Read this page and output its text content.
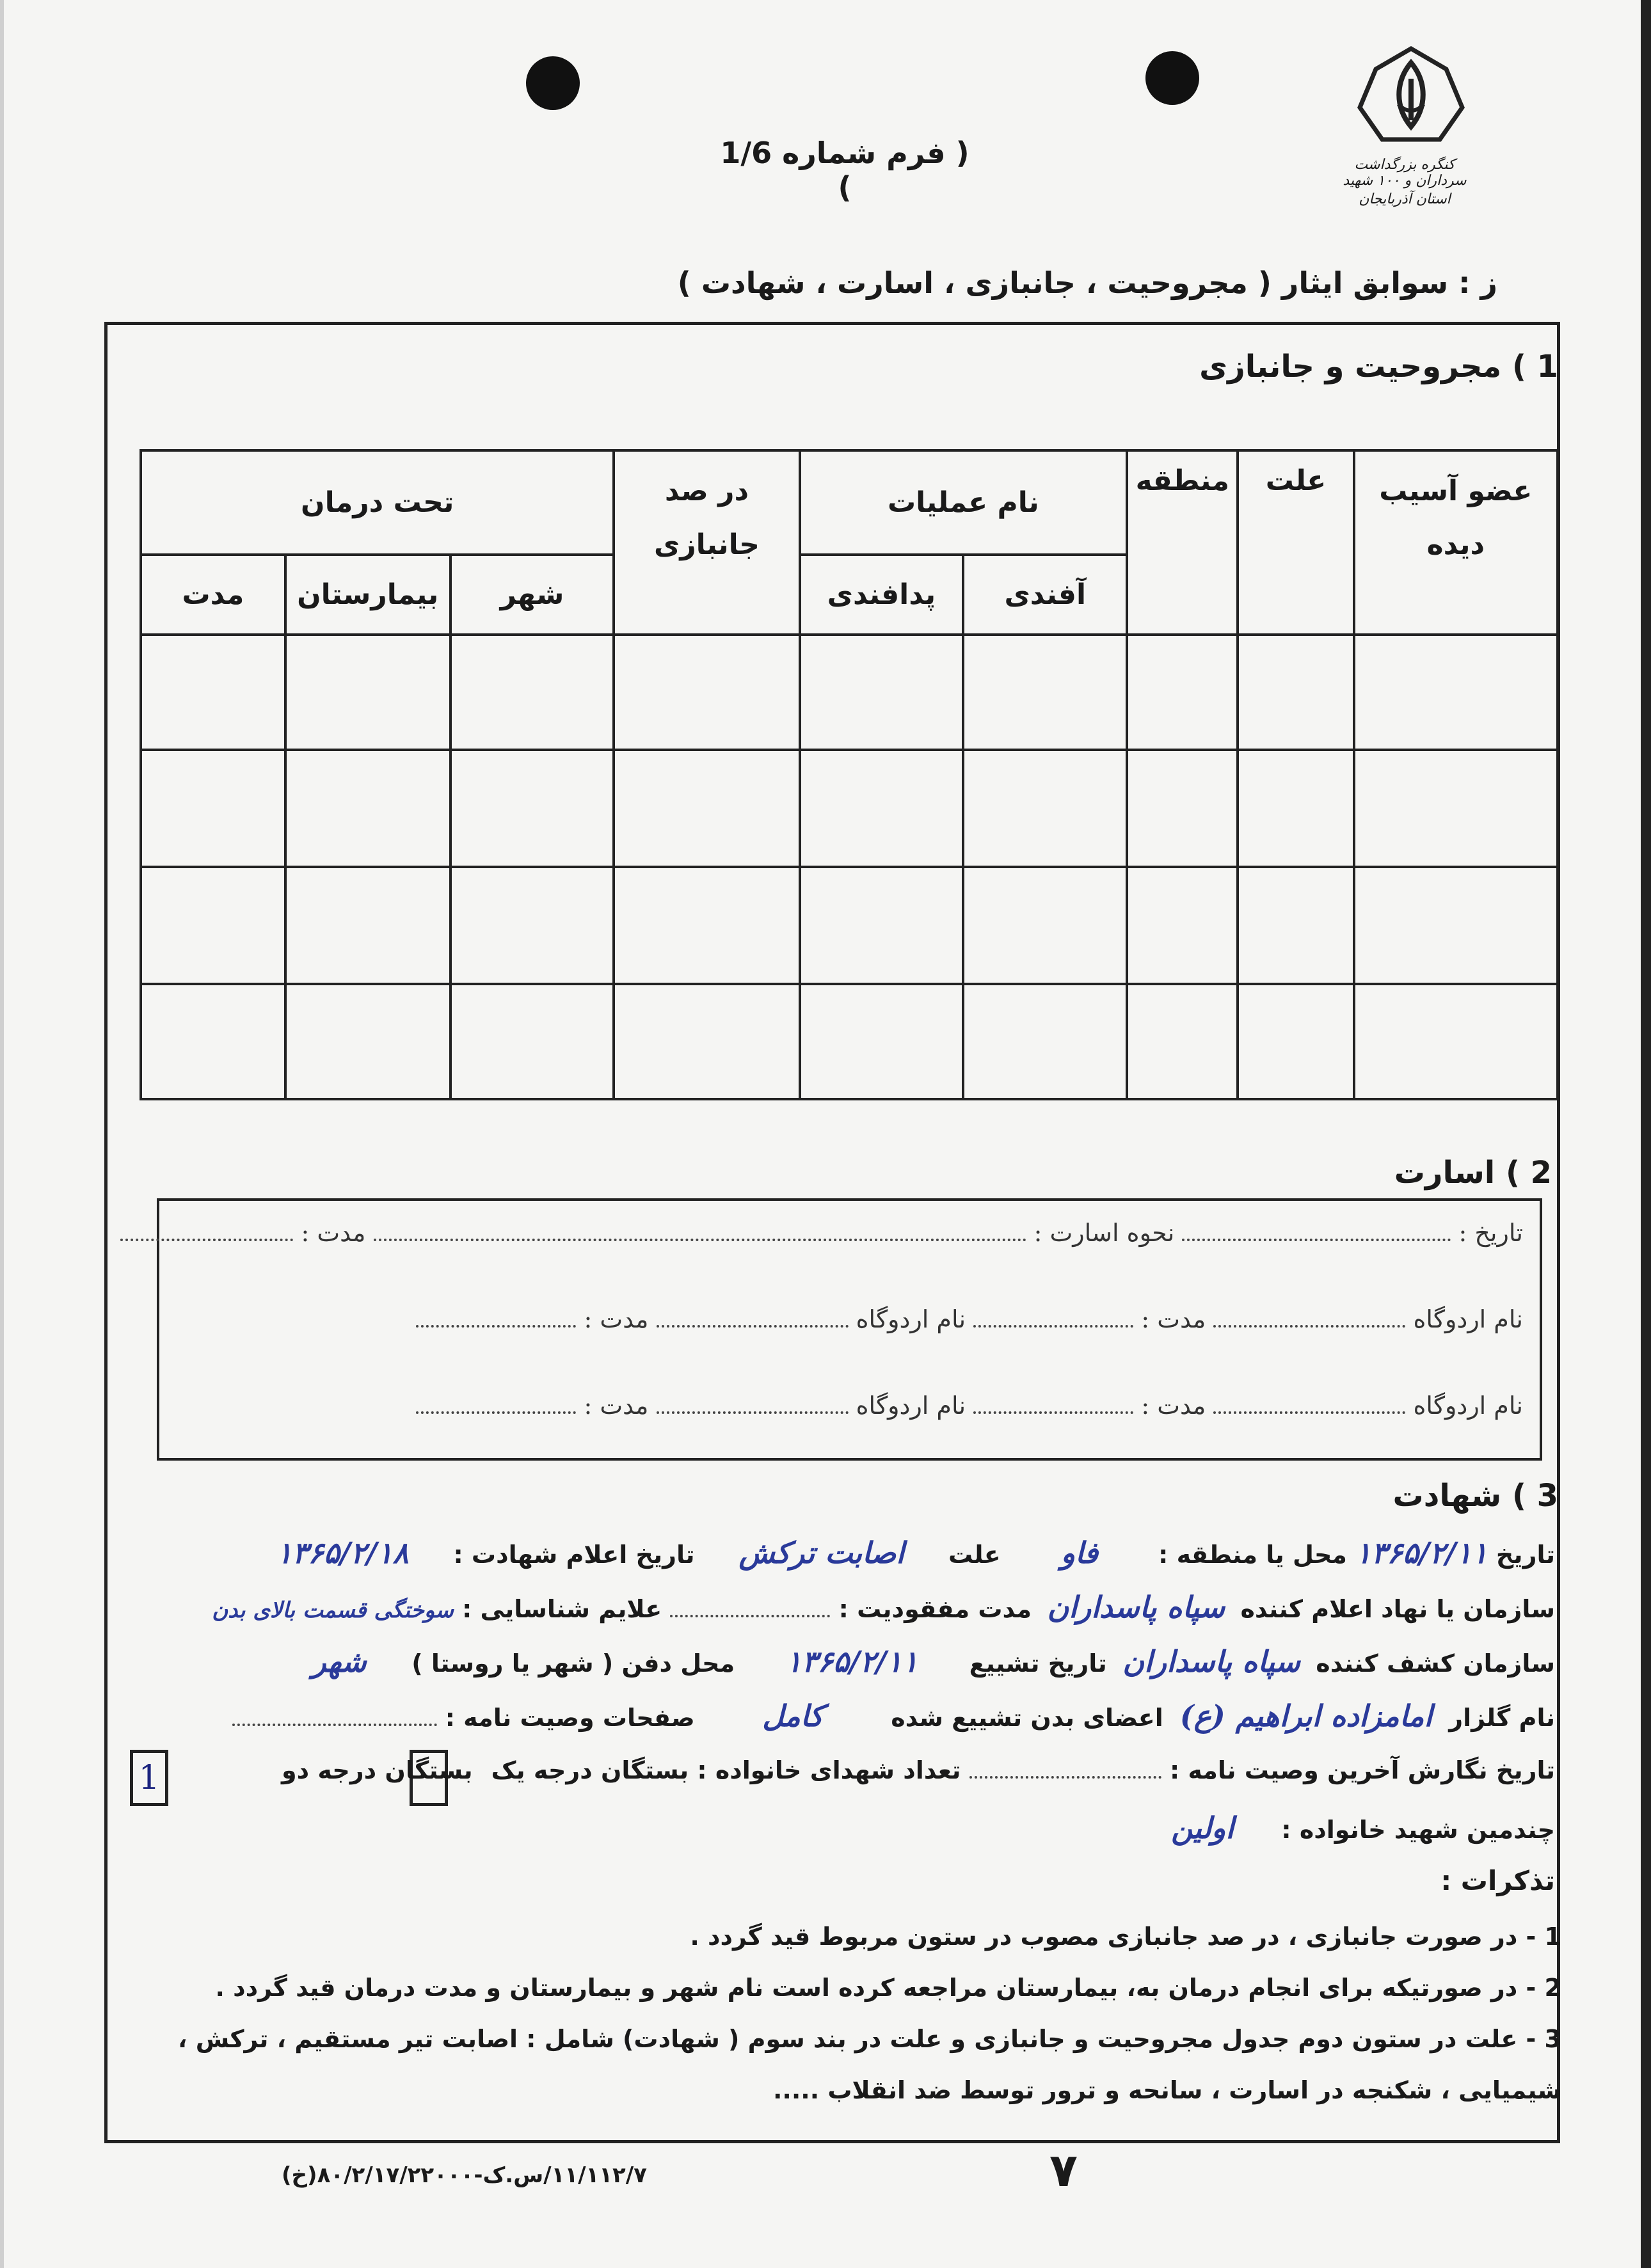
کنگره بزرگداشت سرداران و ۱۰۰ شهید
استان آذربایجان
( فرم شماره 1/6 )
ز : سوابق ایثار ( مجروحیت ، جانبازی ، اسارت ، شهادت )
1 ) مجروحیت و جانبازی
عضو آسیب دیده	علت	منطقه	نام عملیات		در صد جانبازی	تحت درمان		
			آفندی	پدافندی		شهر	بیمارستان	مدت

2 ) اسارت
تاریخ :  نحوه اسارت :  مدت :
نام اردوگاه  مدت :  نام اردوگاه  مدت :
نام اردوگاه  مدت :  نام اردوگاه  مدت :
3 ) شهادت
تاریخ ۱۳۶۵/۲/۱۱ محل یا منطقه : فاو علت اصابت ترکش تاریخ اعلام شهادت : ۱۳۶۵/۲/۱۸
سازمان یا نهاد اعلام کننده سپاه پاسداران مدت مفقودیت :  علایم شناسایی : سوختگی قسمت بالای بدن
سازمان کشف کننده سپاه پاسداران تاریخ تشییع ۱۳۶۵/۲/۱۱ محل دفن ( شهر یا روستا ) شهر
نام گلزار امامزاده ابراهیم (ع) اعضای بدن تشییع شده کامل صفحات وصیت نامه :
تاریخ نگارش آخرین وصیت نامه :  تعداد شهدای خانواده : بستگان درجه یک
بستگان درجه دو
1
چندمین شهید خانواده : اولین
تذکرات :
1 - در صورت جانبازی ، در صد جانبازی مصوب در ستون مربوط قید گردد .
2 - در صورتیکه برای انجام درمان به، بیمارستان مراجعه کرده است نام شهر و بیمارستان و مدت درمان قید گردد .
3 - علت در ستون دوم جدول مجروحیت و جانبازی و علت در بند سوم ( شهادت) شامل : اصابت تیر مستقیم ، ترکش ،
شیمیایی ، شکنجه در اسارت ، سانحه و ترور توسط ضد انقلاب .....
۱۱/۱۱۲/۷/س.ک-۸۰/۲/۱۷/۲۲۰۰۰(خ)	۷
